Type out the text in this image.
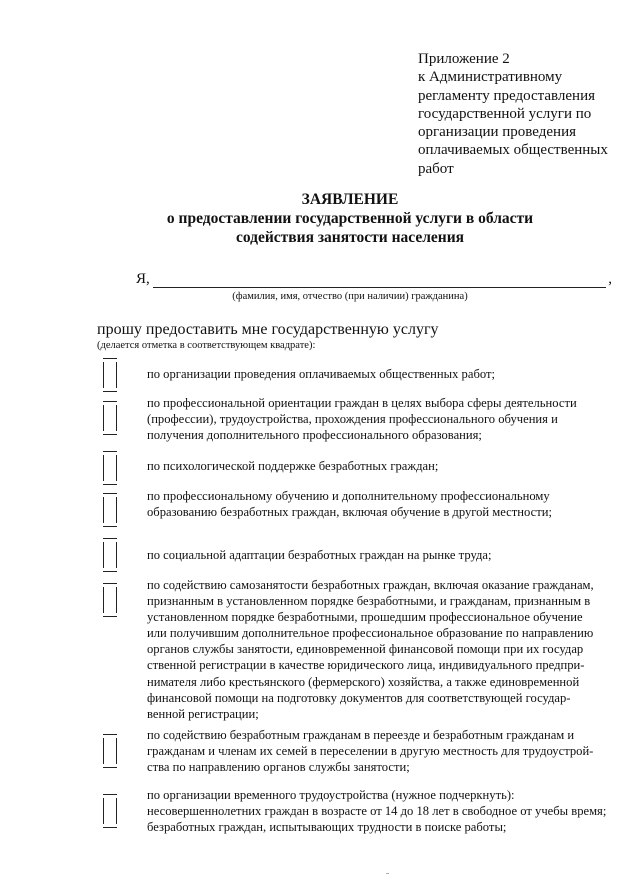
Приложение 2
к Административному
регламенту предоставления
государственной услуги по
организации проведения
оплачиваемых общественных
работ
ЗАЯВЛЕНИЕ
о предоставлении государственной услуги в области
содействия занятости населения
Я,	,
(фамилия, имя, отчество (при наличии) гражданина)
прошу предоставить мне государственную услугу
(делается отметка в соответствующем квадрате):
по организации проведения оплачиваемых общественных работ;
по профессиональной ориентации граждан в целях выбора сферы деятельности
(профессии), трудоустройства, прохождения профессионального обучения и
получения дополнительного профессионального образования;
по психологической поддержке безработных граждан;
по профессиональному обучению и дополнительному профессиональному
образованию безработных граждан, включая обучение в другой местности;
по социальной адаптации безработных граждан на рынке труда;
по содействию самозанятости безработных граждан, включая оказание гражданам,
признанным в установленном порядке безработными, и гражданам, признанным в
установленном порядке безработными, прошедшим профессиональное обучение
или получившим дополнительное профессиональное образование по направлению
органов службы занятости, единовременной финансовой помощи при их государ
ственной регистрации в качестве юридического лица, индивидуального предпри-
нимателя либо крестьянского (фермерского) хозяйства, а также единовременной
финансовой помощи на подготовку документов для соответствующей государ-
венной регистрации;
по содействию безработным гражданам в переезде и безработным гражданам и
гражданам и членам их семей в переселении в другую местность для трудоустрой-
ства по направлению органов службы занятости;
по организации временного трудоустройства (нужное подчеркнуть):
несовершеннолетних граждан в возрасте от 14 до 18 лет в свободное от учебы время;
безработных граждан, испытывающих трудности в поиске работы;
